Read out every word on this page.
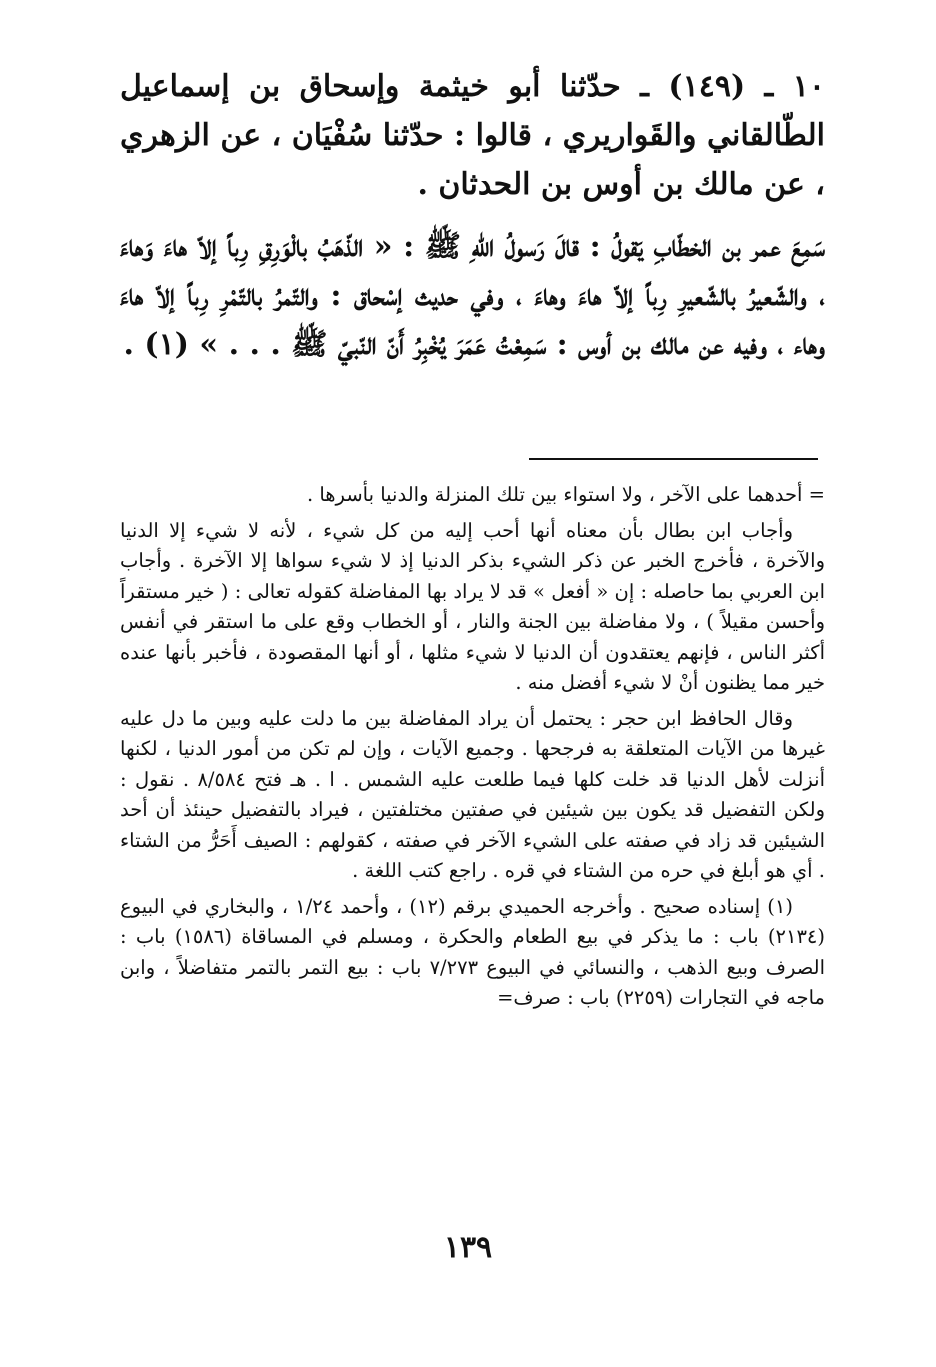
١٠ ـ (١٤٩) ـ حدّثنا أبو خيثمة وإسحاق بن إسماعيل الطّالقاني والقَواريري ، قالوا : حدّثنا سُفْيَان ، عن الزهري ، عن مالك بن أوس بن الحدثان .

سَمِعَ عمر بن الخطّابِ يَقولُ : قالَ رَسولُ اللّهِ ﷺ : « الذّهَبُ بالْوَرِقِ رِباً إلاّ هاءَ وَهاءَ ، والشّعيرُ بالشّعيرِ رِباً إلاّ هاءَ وهاءَ ، وفي حديث إسْحاق : والتّمرُ بالتّمْرِ رِباً إلاّ هاءَ وهاء ، وفيه عن مالك بن أوس : سَمِعْتُ عَمَرَ يُخْبِرُ أَنّ النّبيّ ﷺ . . . » (١) .

= أحدهما على الآخر ، ولا استواء بين تلك المنزلة والدنيا بأسرها .

وأجاب ابن بطال بأن معناه أنها أحب إليه من كل شيء ، لأنه لا شيء إلا الدنيا والآخرة ، فأخرج الخبر عن ذكر الشيء بذكر الدنيا إذ لا شيء سواها إلا الآخرة . وأجاب ابن العربي بما حاصله : إن « أفعل » قد لا يراد بها المفاضلة كقوله تعالى : ( خير مستقراً وأحسن مقيلاً ) ، ولا مفاضلة بين الجنة والنار ، أو الخطاب وقع على ما استقر في أنفس أكثر الناس ، فإنهم يعتقدون أن الدنيا لا شيء مثلها ، أو أنها المقصودة ، فأخبر بأنها عنده خير مما يظنون أنْ لا شيء أفضل منه .

وقال الحافظ ابن حجر : يحتمل أن يراد المفاضلة بين ما دلت عليه وبين ما دل عليه غيرها من الآيات المتعلقة به فرجحها . وجميع الآيات ، وإن لم تكن من أمور الدنيا ، لكنها أنزلت لأهل الدنيا قد خلت كلها فيما طلعت عليه الشمس . ا . هـ فتح ٨/٥٨٤ . نقول : ولكن التفضيل قد يكون بين شيئين في صفتين مختلفتين ، فيراد بالتفضيل حينئذ أن أحد الشيئين قد زاد في صفته على الشيء الآخر في صفته ، كقولهم : الصيف أَحَرُّ من الشتاء . أي هو أبلغ في حره من الشتاء في قره . راجع كتب اللغة .

(١) إسناده صحيح . وأخرجه الحميدي برقم (١٢) ، وأحمد ١/٢٤ ، والبخاري في البيوع (٢١٣٤) باب : ما يذكر في بيع الطعام والحكرة ، ومسلم في المساقاة (١٥٨٦) باب : الصرف وبيع الذهب ، والنسائي في البيوع ٧/٢٧٣ باب : بيع التمر بالتمر متفاضلاً ، وابن ماجه في التجارات (٢٢٥٩) باب : صرف=

١٣٩
